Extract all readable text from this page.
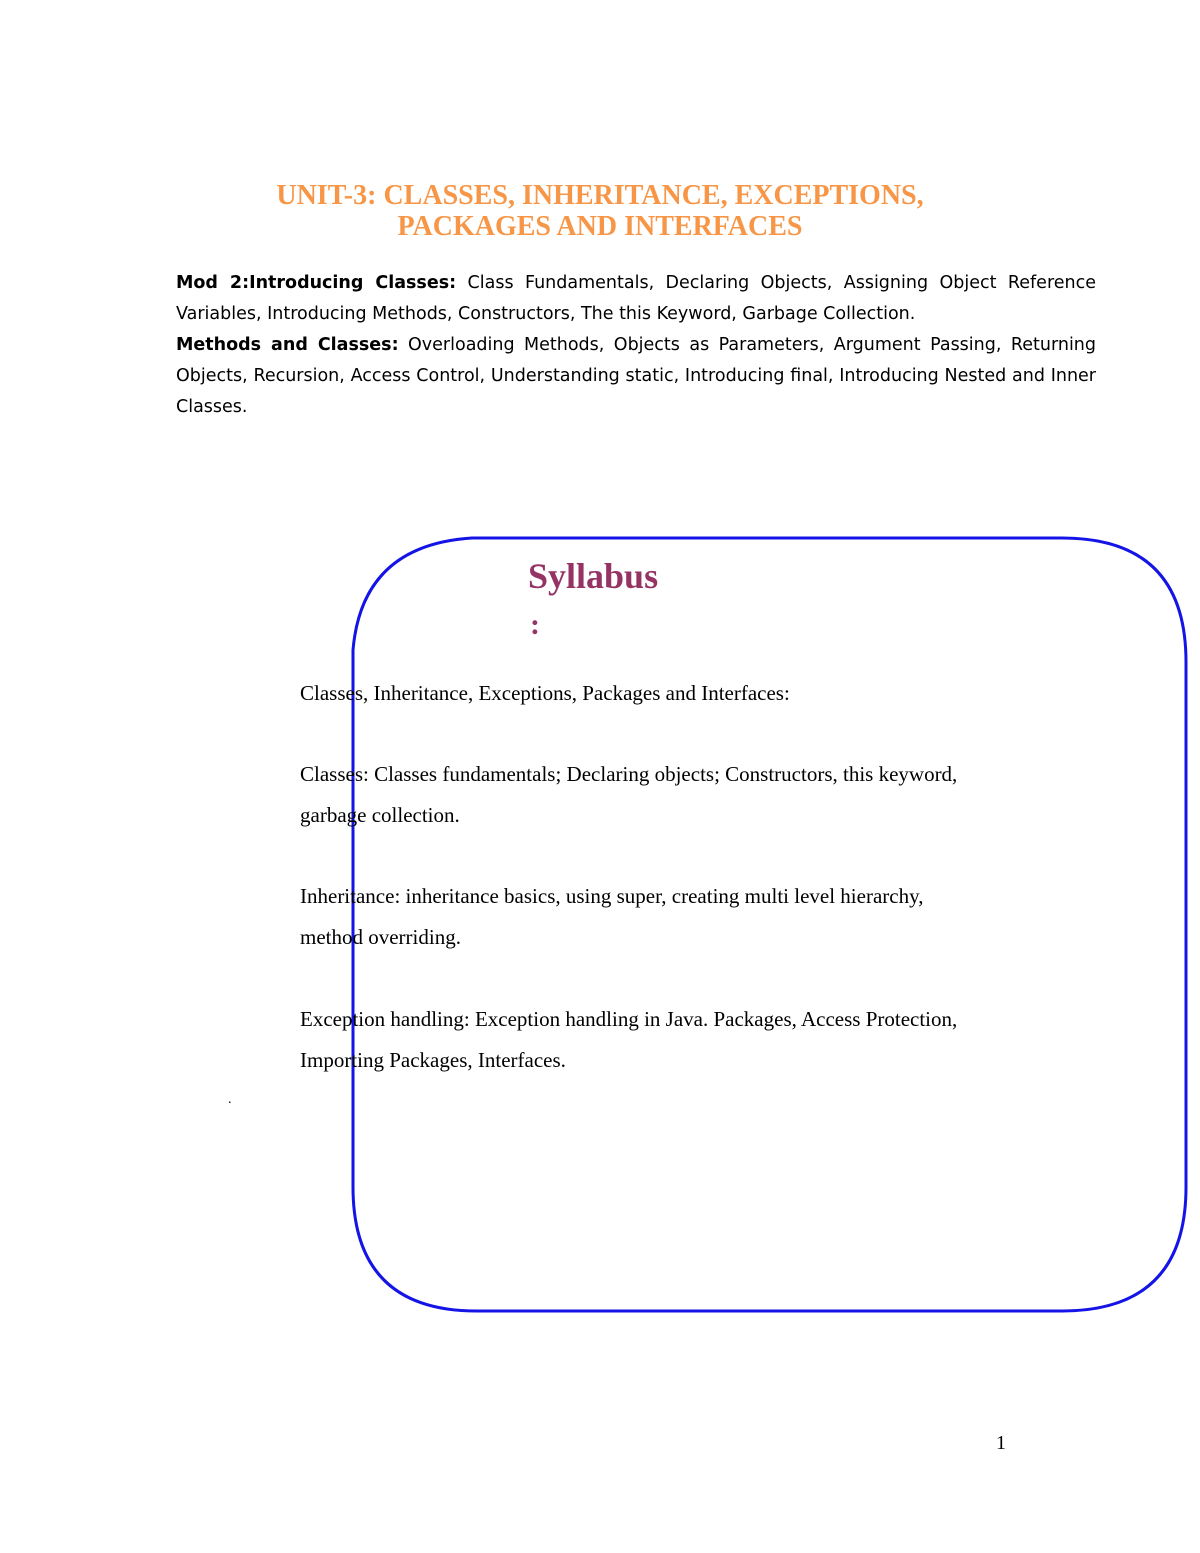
UNIT-3: CLASSES, INHERITANCE, EXCEPTIONS,
PACKAGES AND INTERFACES

Mod 2:Introducing Classes: Class Fundamentals, Declaring Objects, Assigning Object Reference Variables, Introducing Methods, Constructors, The this Keyword, Garbage Collection.

Methods and Classes: Overloading Methods, Objects as Parameters, Argument Passing, Returning Objects, Recursion, Access Control, Understanding static, Introducing final, Introducing Nested and Inner Classes.

Syllabus
:

Classes, Inheritance, Exceptions, Packages and Interfaces:

Classes: Classes fundamentals; Declaring objects; Constructors, this keyword, garbage collection.

Inheritance: inheritance basics, using super, creating multi level hierarchy, method overriding.

Exception handling: Exception handling in Java. Packages, Access Protection, Importing Packages, Interfaces.

.
1
